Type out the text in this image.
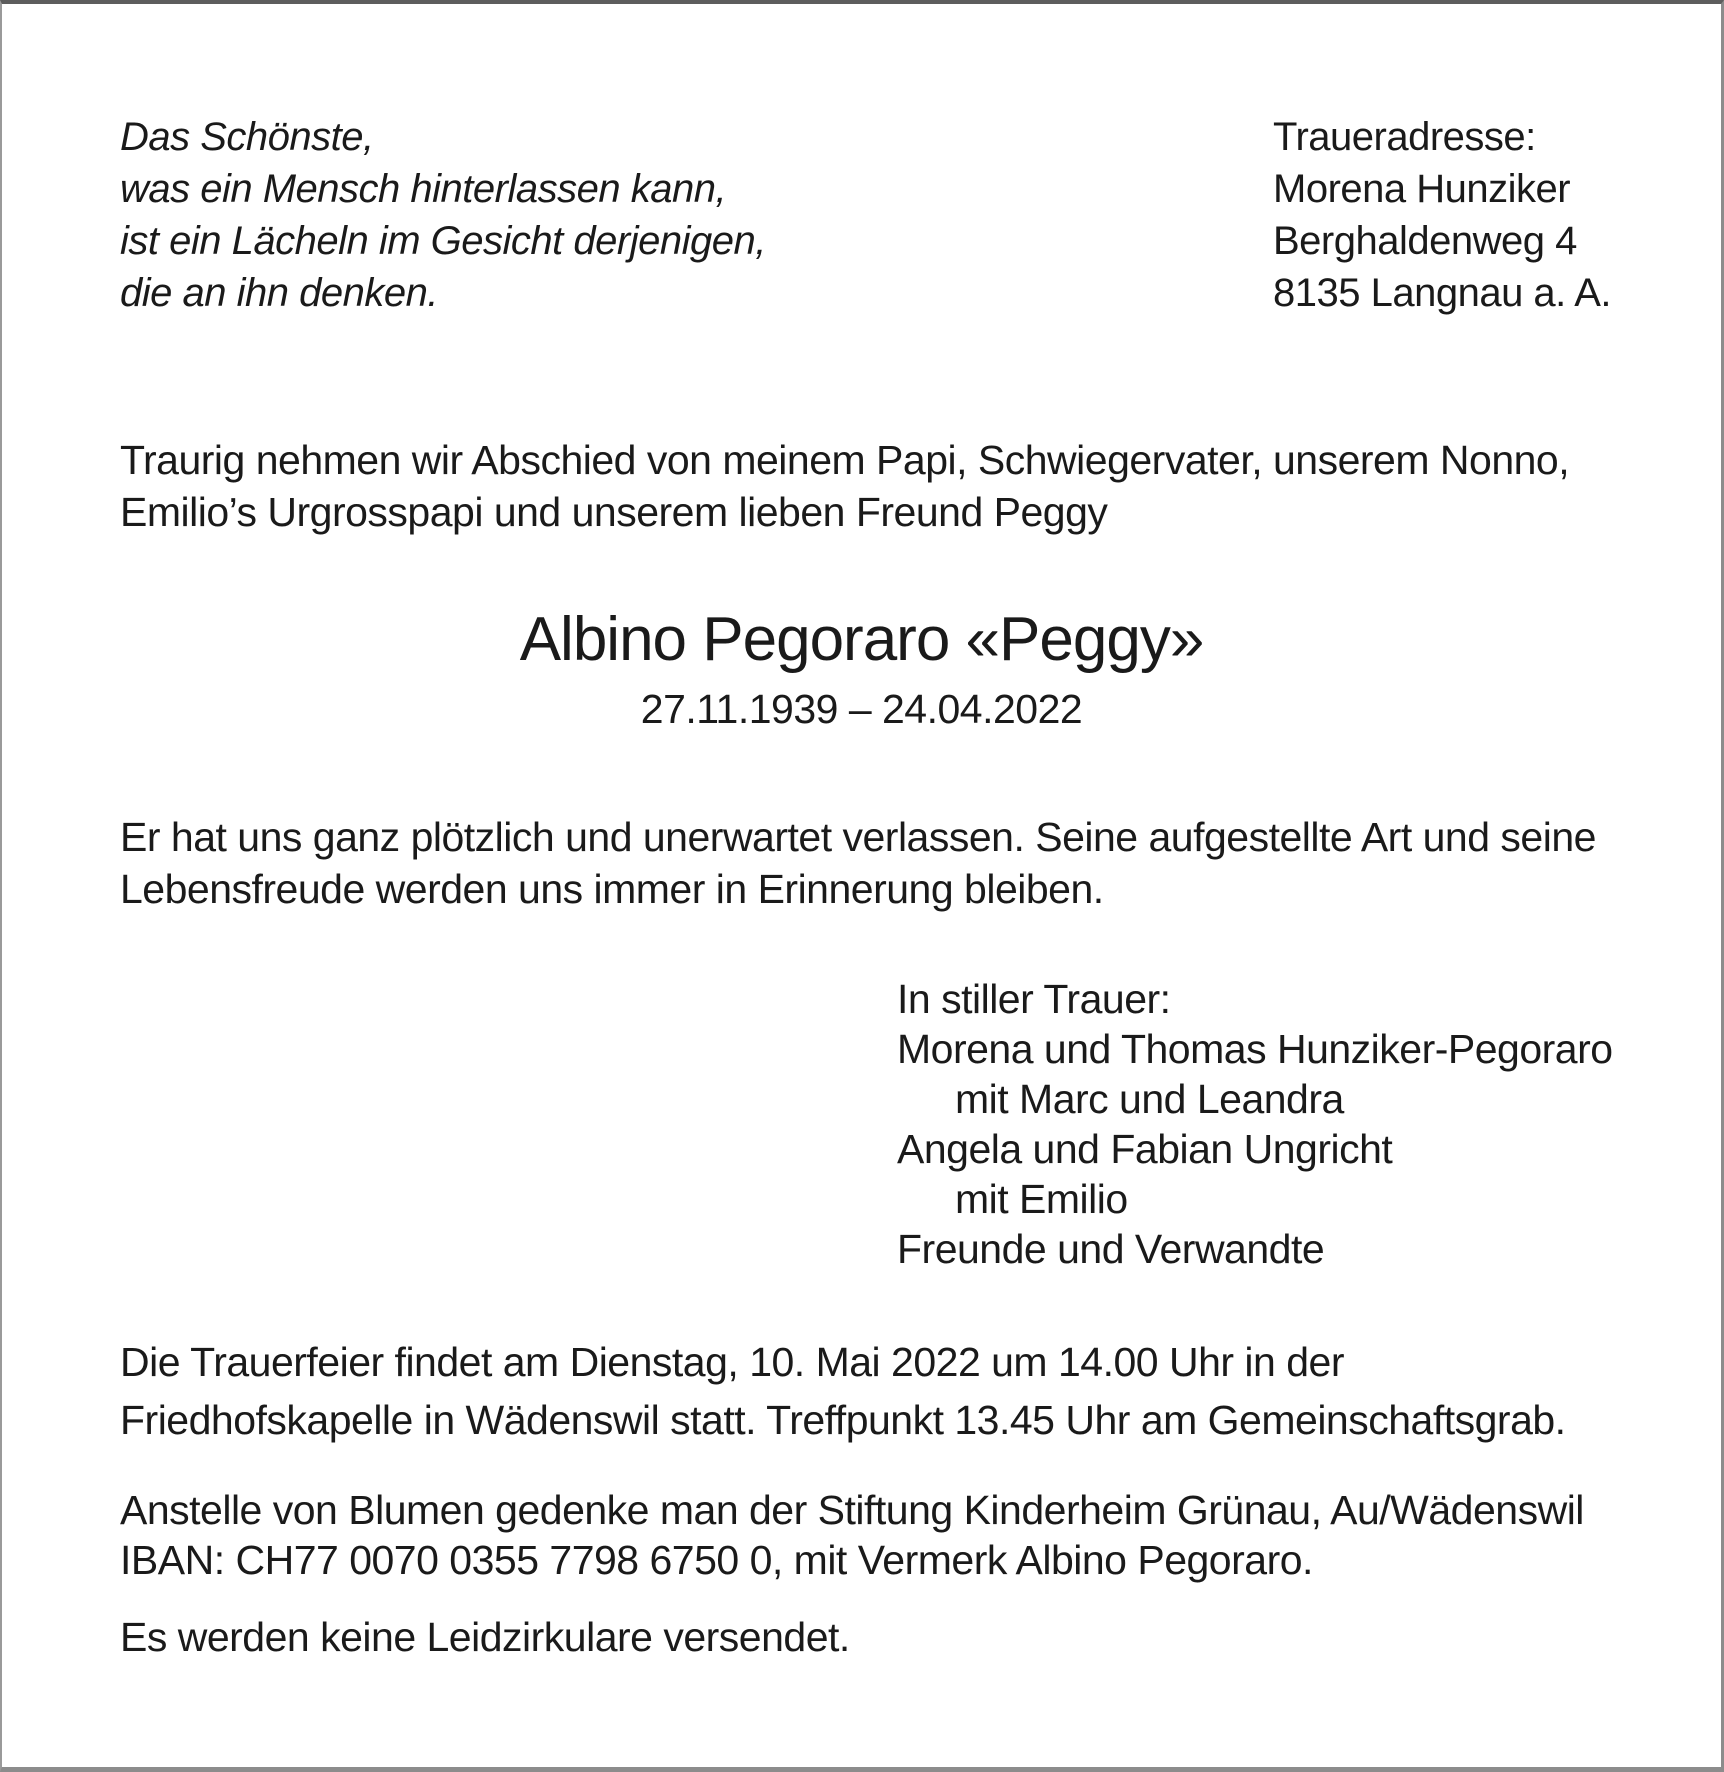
Das Schönste,
was ein Mensch hinterlassen kann,
ist ein Lächeln im Gesicht derjenigen,
die an ihn denken.
Traueradresse:
Morena Hunziker
Berghaldenweg 4
8135 Langnau a. A.
Traurig nehmen wir Abschied von meinem Papi, Schwiegervater, unserem Nonno,
Emilio’s Urgrosspapi und unserem lieben Freund Peggy
Albino Pegoraro «Peggy»
27.11.1939 – 24.04.2022
Er hat uns ganz plötzlich und unerwartet verlassen. Seine aufgestellte Art und seine
Lebensfreude werden uns immer in Erinnerung bleiben.
In stiller Trauer:
Morena und Thomas Hunziker-Pegoraro
mit Marc und Leandra
Angela und Fabian Ungricht
mit Emilio
Freunde und Verwandte
Die Trauerfeier findet am Dienstag, 10. Mai 2022 um 14.00 Uhr in der
Friedhofskapelle in Wädenswil statt. Treffpunkt 13.45 Uhr am Gemeinschaftsgrab.
Anstelle von Blumen gedenke man der Stiftung Kinderheim Grünau, Au/Wädenswil
IBAN: CH77 0070 0355 7798 6750 0, mit Vermerk Albino Pegoraro.
Es werden keine Leidzirkulare versendet.
